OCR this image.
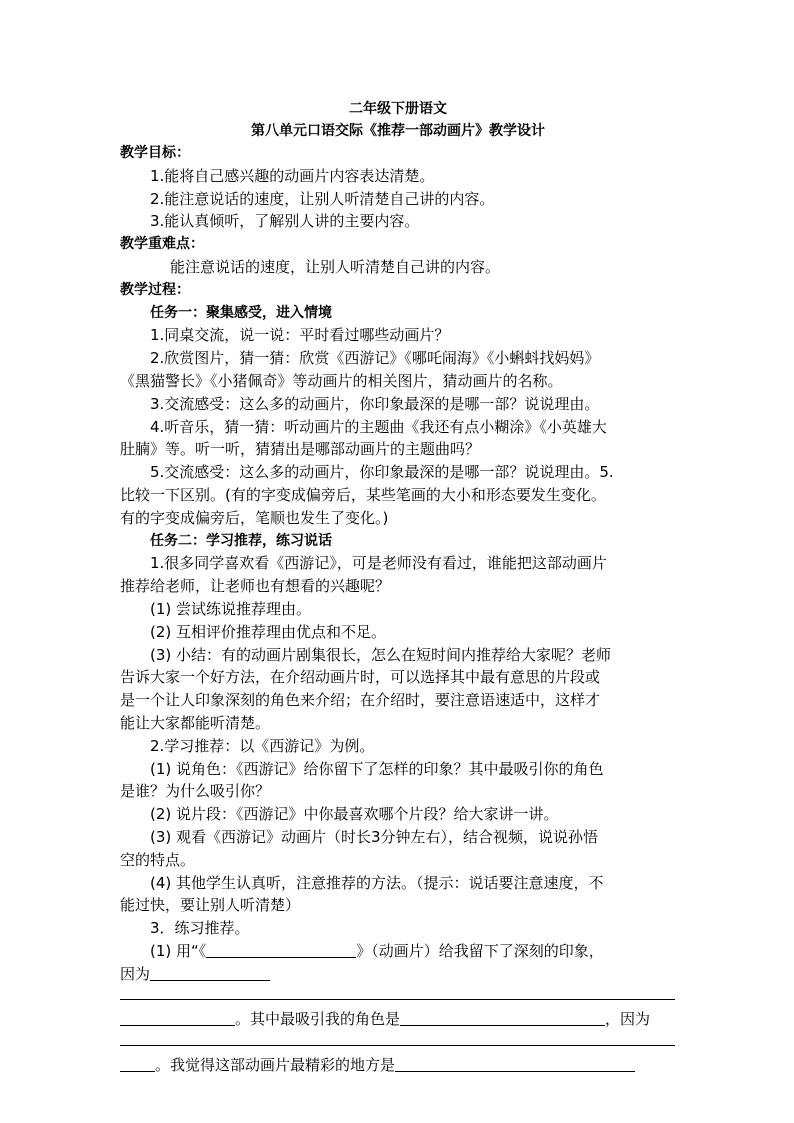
二年级下册语文
第八单元口语交际《推荐一部动画片》教学设计
教学目标：
1.能将自己感兴趣的动画片内容表达清楚。
2.能注意说话的速度，让别人听清楚自己讲的内容。
3.能认真倾听，了解别人讲的主要内容。
教学重难点：
能注意说话的速度，让别人听清楚自己讲的内容。
教学过程：
任务一：聚集感受，进入情境
1.同桌交流，说一说：平时看过哪些动画片？
2.欣赏图片，猜一猜：欣赏《西游记》《哪吒闹海》《小蝌蚪找妈妈》
《黑猫警长》《小猪佩奇》等动画片的相关图片，猜动画片的名称。
3.交流感受：这么多的动画片，你印象最深的是哪一部？说说理由。
4.听音乐，猜一猜：听动画片的主题曲《我还有点小糊涂》《小英雄大
肚腩》等。听一听，猜猜出是哪部动画片的主题曲吗？
5.交流感受：这么多的动画片，你印象最深的是哪一部？说说理由。5.
比较一下区别。(有的字变成偏旁后，某些笔画的大小和形态要发生变化。
有的字变成偏旁后，笔顺也发生了变化。)
任务二：学习推荐，练习说话
1.很多同学喜欢看《西游记》，可是老师没有看过，谁能把这部动画片
推荐给老师，让老师也有想看的兴趣呢？
(1) 尝试练说推荐理由。
(2) 互相评价推荐理由优点和不足。
(3) 小结：有的动画片剧集很长，怎么在短时间内推荐给大家呢？老师
告诉大家一个好方法，在介绍动画片时，可以选择其中最有意思的片段或
是一个让人印象深刻的角色来介绍；在介绍时，要注意语速适中，这样才
能让大家都能听清楚。
2.学习推荐：以《西游记》为例。
(1) 说角色：《西游记》给你留下了怎样的印象？其中最吸引你的角色
是谁？为什么吸引你？
(2) 说片段：《西游记》中你最喜欢哪个片段？给大家讲一讲。
(3) 观看《西游记》动画片（时长3分钟左右），结合视频，说说孙悟
空的特点。
(4) 其他学生认真听，注意推荐的方法。（提示：说话要注意速度，不
能过快，要让别人听清楚）
3．练习推荐。
(1) 用“《	》（动画片）给我留下了深刻的印象，
因为
。其中最吸引我的角色是	，因为
。我觉得这部动画片最精彩的地方是
